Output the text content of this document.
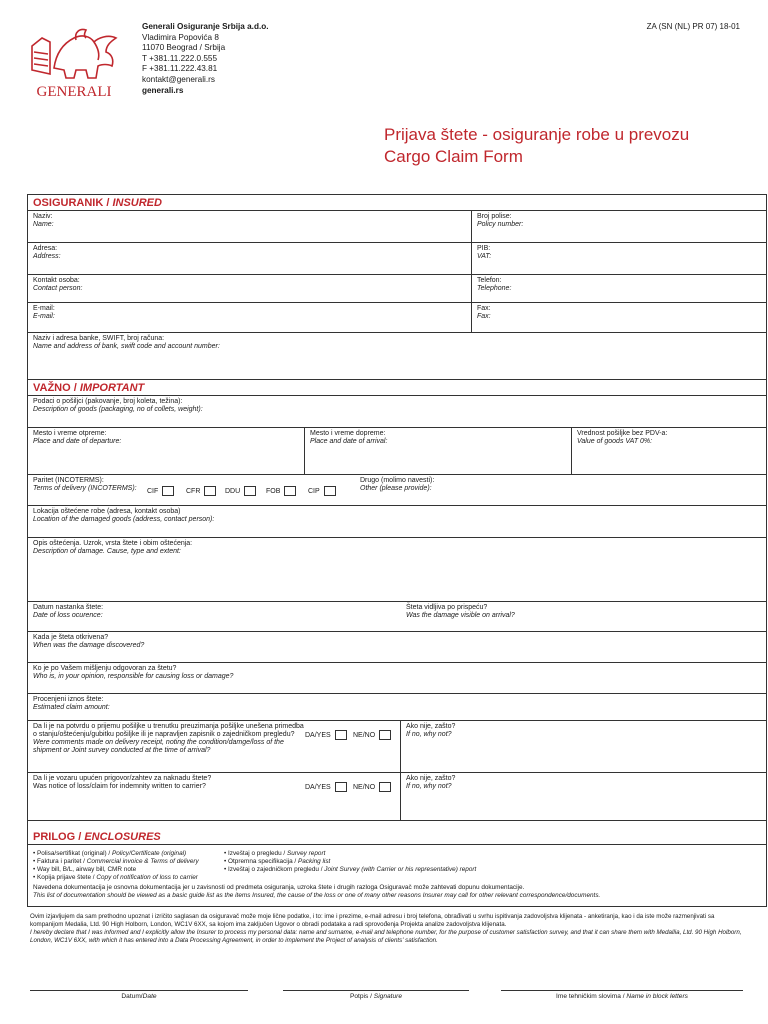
GENERALI
Generali Osiguranje Srbija a.d.o.
Vladimira Popovića 8
11070 Beograd / Srbija
T +381.11.222.0.555
F +381.11.222.43.81
kontakt@generali.rs
generali.rs
ZA (SN (NL) PR 07) 18-01
Prijava štete - osiguranje robe u prevozu
Cargo Claim Form
OSIGURANIK / INSURED
Naziv:
Name:
Broj polise:
Policy number:
Adresa:
Address:
PIB:
VAT:
Kontakt osoba:
Contact person:
Telefon:
Telephone:
E-mail:
E-mail:
Fax:
Fax:
Naziv i adresa banke, SWIFT, broj računa:
Name and address of bank, swift code and account number:
VAŽNO / IMPORTANT
Podaci o pošiljci (pakovanje, broj koleta, težina):
Description of goods (packaging, no of collets, weight):
Mesto i vreme otpreme:
Place and date of departure:
Mesto i vreme dopreme:
Place and date of arrival:
Vrednost pošiljke bez PDV-a:
Value of goods VAT 0%:
Paritet (INCOTERMS):
Terms of delivery (INCOTERMS): CIF	CFR	DDU	FOB	CIP
Drugo (molimo navesti):
Other (please provide):
Lokacija oštećene robe (adresa, kontakt osoba)
Location of the damaged goods (address, contact person):
Opis oštećenja. Uzrok, vrsta štete i obim oštećenja:
Description of damage. Cause, type and extent:
Datum nastanka štete:
Date of loss ocurence:
Šteta vidljiva po prispeću?
Was the damage visible on arrival?
Kada je šteta otkrivena?
When was the damage discovered?
Ko je po Vašem mišljenju odgovoran za štetu?
Who is, in your opinion, responsible for causing loss or damage?
Procenjeni iznos štete:
Estimated claim amount:
Da li je na potvrdu o prijemu pošiljke u trenutku preuzimanja pošiljke unešena primedba
o stanju/oštećenju/gubitku pošiljke ili je napravljen zapisnik o zajedničkom pregledu?

Were comments made on delivery receipt, noting the condition/damge/loss of the
shipment or Joint survey conducted at the time of arrival?
DA/YES	NE/NO
Ako nije, zašto?
If no, why not?
Da li je vozaru upućen prigovor/zahtev za naknadu štete?
Was notice of loss/claim for indemnity written to carrier?	DA/YES	NE/NO
Ako nije, zašto?
If no, why not?
PRILOG / ENCLOSURES
• Polisa/sertifikat (original) / Policy/Certificate (original)
• Faktura i paritet / Commercial invoice & Terms of delivery
• Way bill, B/L, airway bill, CMR note
• Kopija prijave štete / Copy of notification of loss to carrier
• Izveštaj o pregledu / Survey report
• Otpremna specifikacija / Packing list
• Izveštaj o zajedničkom pregledu / Joint Survey (with Carrier or his representative) report
Navedena dokumentacija je osnovna dokumentacija jer u zavisnosti od predmeta osiguranja, uzroka štete i drugih razloga Osiguravač može zahtevati dopunu dokumentacije.
This list of documentation should be viewed as a basic guide list as the items Insured, the cause of the loss or one of many other reasons Insurer may call for other relevant correspondence/documents.
Ovim izjavljujem da sam prethodno upoznat i izričito saglasan da osiguravač može moje lične podatke, i to: ime i prezime, e-mail adresu i broj telefona, obrađivati u svrhu ispitivanja zadovoljstva klijenata - anketiranja, kao i da iste može razmenjivati sa kompanijom Medalia, Ltd. 90 High Holborn, London, WC1V 6XX, sa kojom ima zaključen Ugovor o obradi podataka a radi sprovođenja Projekta analize zadovoljstva klijenata.
I hereby declare that I was informed and I explicitly allow the Insurer to process my personal data: name and surname, e-mail and telephone number, for the purpose of customer satisfaction survey, and that it can share them with Medallia, Ltd. 90 High Holborn, London, WC1V 6XX, with which it has entered into a Data Processing Agreement, in order to implement the Project of analysis of clients' satisfaction.
Datum/Date	Potpis / Signature	Ime tehničkim slovima / Name in block letters
